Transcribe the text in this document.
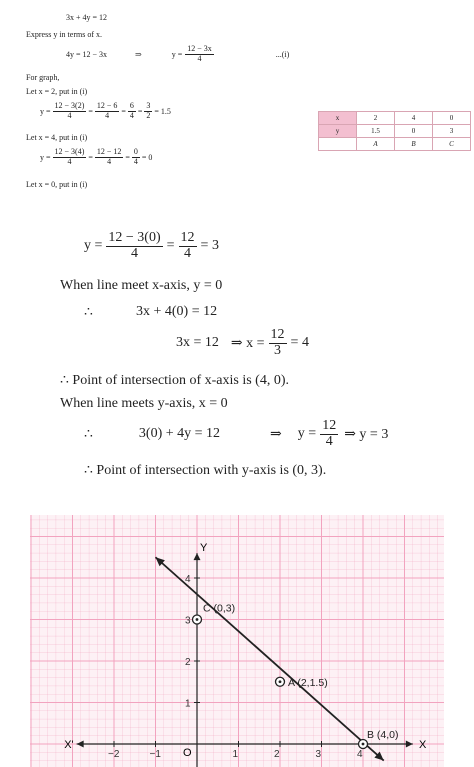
3x + 4y = 12
Express y in terms of x.
4y = 12 − 3x	⇒	$y = \frac{12 - 3x}{4}$	...(i)
For graph,
Let x = 2, put in (i)
$y = \frac{12 - 3(2)}{4} = \frac{12 - 6}{4} = \frac{6}{4} = \frac{3}{2} = 1.5$
Let x = 4, put in (i)
$y = \frac{12 - 3(4)}{4} = \frac{12 - 12}{4} = \frac{0}{4} = 0$
Let x = 0, put in (i)
x	2	4	0
y	1.5	0	3
	A	B	C
$y = \frac{12 - 3(0)}{4} = \frac{12}{4} = 3$
When line meet x-axis, y = 0
∴	3x + 4(0) = 12
3x = 12 ⇒ $x = \frac{12}{3} = 4$
∴ Point of intersection of x-axis is (4, 0).
When line meets y-axis, x = 0
∴	3(0) + 4y = 12	⇒ $y = \frac{12}{4}$ ⇒ y = 3
∴ Point of intersection with y-axis is (0, 3).
X
X'
Y
O
−2	−1	1	2	3	4
1
2
3
4
C (0,3)
A (2,1.5)
B (4,0)
